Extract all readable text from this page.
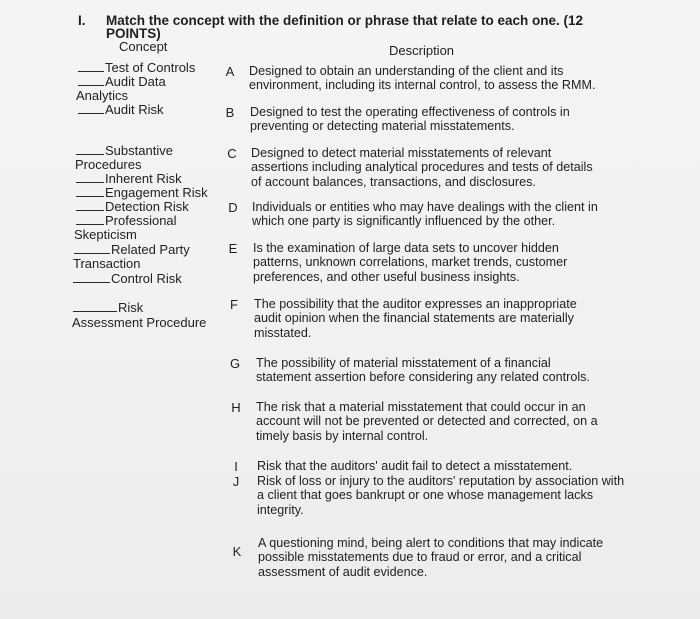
I. Match the concept with the definition or phrase that relate to each one. (12
POINTS)
Concept	Description
Test of Controls
Audit Data
Analytics
Audit Risk
Substantive
Procedures
Inherent Risk
Engagement Risk
Detection Risk
Professional
Skepticism
Related Party
Transaction
Control Risk
Risk
Assessment Procedure
A Designed to obtain an understanding of the client and its environment, including its internal control, to assess the RMM.
B Designed to test the operating effectiveness of controls in preventing or detecting material misstatements.
C Designed to detect material misstatements of relevant assertions including analytical procedures and tests of details of account balances, transactions, and disclosures.
D Individuals or entities who may have dealings with the client in which one party is significantly influenced by the other.
E Is the examination of large data sets to uncover hidden patterns, unknown correlations, market trends, customer preferences, and other useful business insights.
F The possibility that the auditor expresses an inappropriate audit opinion when the financial statements are materially misstated.
G The possibility of material misstatement of a financial statement assertion before considering any related controls.
H The risk that a material misstatement that could occur in an account will not be prevented or detected and corrected, on a timely basis by internal control.
I	Risk that the auditors' audit fail to detect a misstatement.
J Risk of loss or injury to the auditors' reputation by association with a client that goes bankrupt or one whose management lacks integrity.
K
A questioning mind, being alert to conditions that may indicate possible misstatements due to fraud or error, and a critical assessment of audit evidence.
